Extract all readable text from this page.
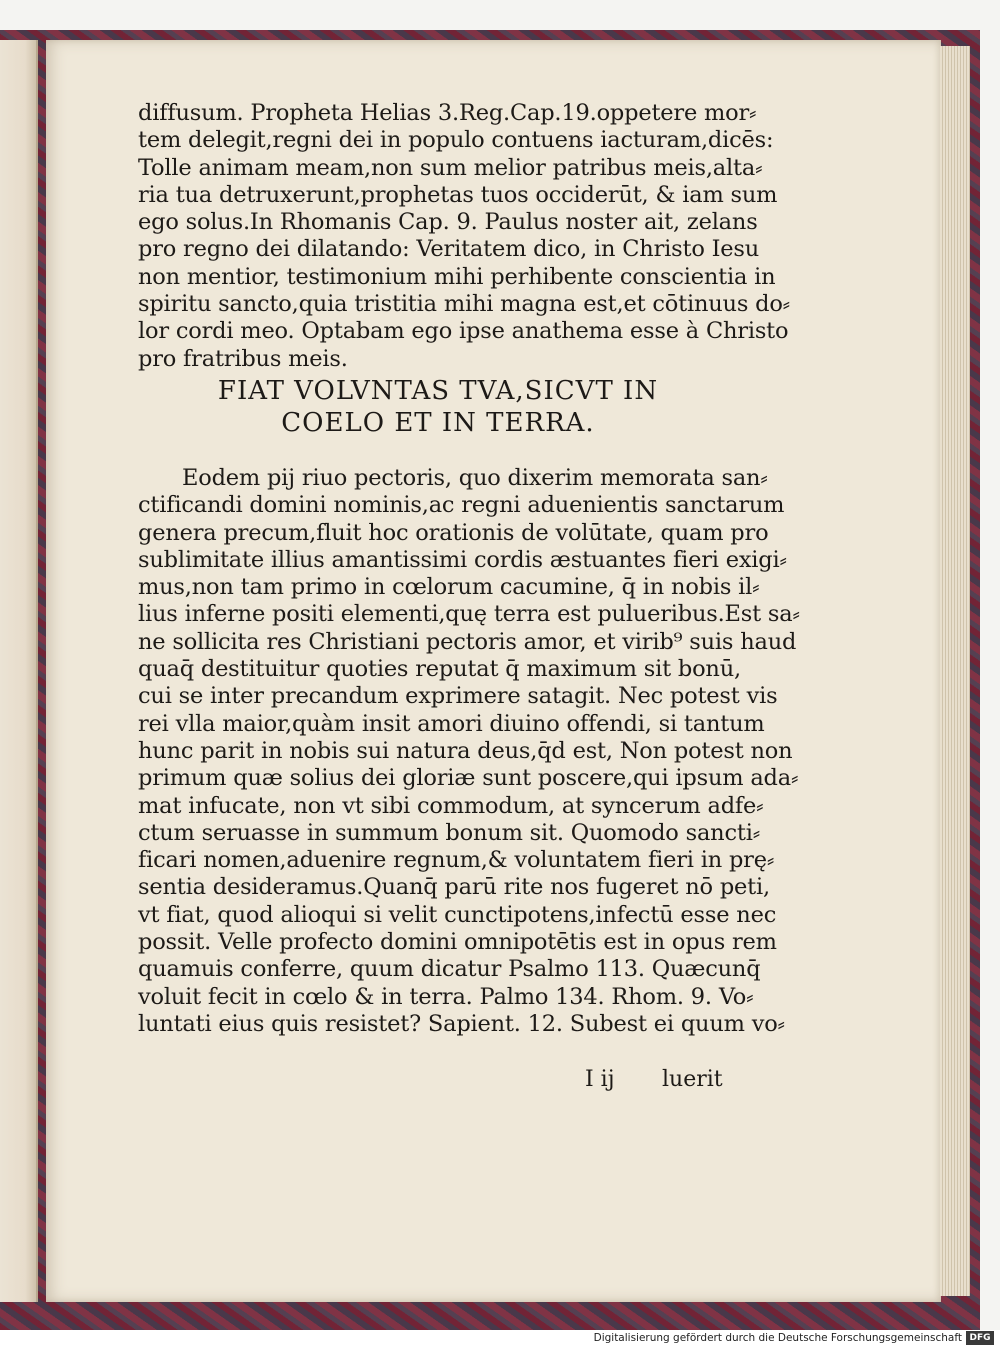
diffusum. Propheta Helias 3.Reg.Cap.19.oppetere mor⸗
tem delegit,regni dei in populo contuens iacturam,dicēs:
Tolle animam meam,non sum melior patribus meis,alta⸗
ria tua detruxerunt,prophetas tuos occiderūt, & iam sum
ego solus.In Rhomanis Cap. 9. Paulus noster ait, zelans
pro regno dei dilatando: Veritatem dico, in Christo Iesu
non mentior, testimonium mihi perhibente conscientia in
spiritu sancto,quia tristitia mihi magna est,et cōtinuus do⸗
lor cordi meo. Optabam ego ipse anathema esse à Christo
pro fratribus meis.
FIAT VOLVNTAS TVA,SICVT IN
COELO ET IN TERRA.
Eodem pij riuo pectoris, quo dixerim memorata san⸗
ctificandi domini nominis,ac regni aduenientis sanctarum
genera precum,fluit hoc orationis de volūtate, quam pro
sublimitate illius amantissimi cordis æstuantes fieri exigi⸗
mus,non tam primo in cœlorum cacumine, q̄ in nobis il⸗
lius inferne positi elementi,quę terra est pulueribus.Est sa⸗
ne sollicita res Christiani pectoris amor, et virib⁹ suis haud
quaq̄ destituitur quoties reputat q̄ maximum sit bonū,
cui se inter precandum exprimere satagit. Nec potest vis
rei vlla maior,quàm insit amori diuino offendi, si tantum
hunc parit in nobis sui natura deus,q̄d est, Non potest non
primum quæ solius dei gloriæ sunt poscere,qui ipsum ada⸗
mat infucate, non vt sibi commodum, at syncerum adfe⸗
ctum seruasse in summum bonum sit. Quomodo sancti⸗
ficari nomen,aduenire regnum,& voluntatem fieri in prę⸗
sentia desideramus.Quanq̄ parū rite nos fugeret nō peti,
vt fiat, quod alioqui si velit cunctipotens,infectū esse nec
possit. Velle profecto domini omnipotētis est in opus rem
quamuis conferre, quum dicatur Psalmo 113. Quæcunq̄
voluit fecit in cœlo & in terra. Palmo 134. Rhom. 9. Vo⸗
luntati eius quis resistet? Sapient. 12. Subest ei quum vo⸗
I ij luerit
Digitalisierung gefördert durch die Deutsche Forschungsgemeinschaft DFG
